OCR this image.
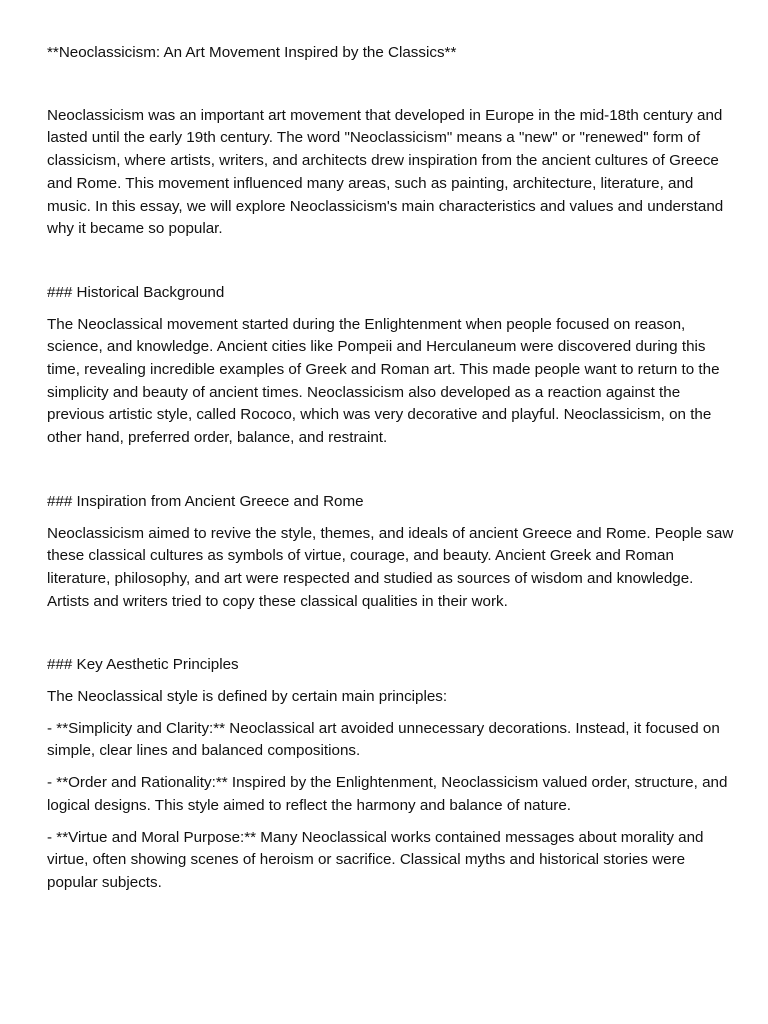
**Neoclassicism: An Art Movement Inspired by the Classics**

Neoclassicism was an important art movement that developed in Europe in the mid-18th century and lasted until the early 19th century. The word "Neoclassicism" means a "new" or "renewed" form of classicism, where artists, writers, and architects drew inspiration from the ancient cultures of Greece and Rome. This movement influenced many areas, such as painting, architecture, literature, and music. In this essay, we will explore Neoclassicism's main characteristics and values and understand why it became so popular.

### Historical Background

The Neoclassical movement started during the Enlightenment when people focused on reason, science, and knowledge. Ancient cities like Pompeii and Herculaneum were discovered during this time, revealing incredible examples of Greek and Roman art. This made people want to return to the simplicity and beauty of ancient times. Neoclassicism also developed as a reaction against the previous artistic style, called Rococo, which was very decorative and playful. Neoclassicism, on the other hand, preferred order, balance, and restraint.

### Inspiration from Ancient Greece and Rome

Neoclassicism aimed to revive the style, themes, and ideals of ancient Greece and Rome. People saw these classical cultures as symbols of virtue, courage, and beauty. Ancient Greek and Roman literature, philosophy, and art were respected and studied as sources of wisdom and knowledge. Artists and writers tried to copy these classical qualities in their work.

### Key Aesthetic Principles

The Neoclassical style is defined by certain main principles:

- **Simplicity and Clarity:** Neoclassical art avoided unnecessary decorations. Instead, it focused on simple, clear lines and balanced compositions.

- **Order and Rationality:** Inspired by the Enlightenment, Neoclassicism valued order, structure, and logical designs. This style aimed to reflect the harmony and balance of nature.

- **Virtue and Moral Purpose:** Many Neoclassical works contained messages about morality and virtue, often showing scenes of heroism or sacrifice. Classical myths and historical stories were popular subjects.
